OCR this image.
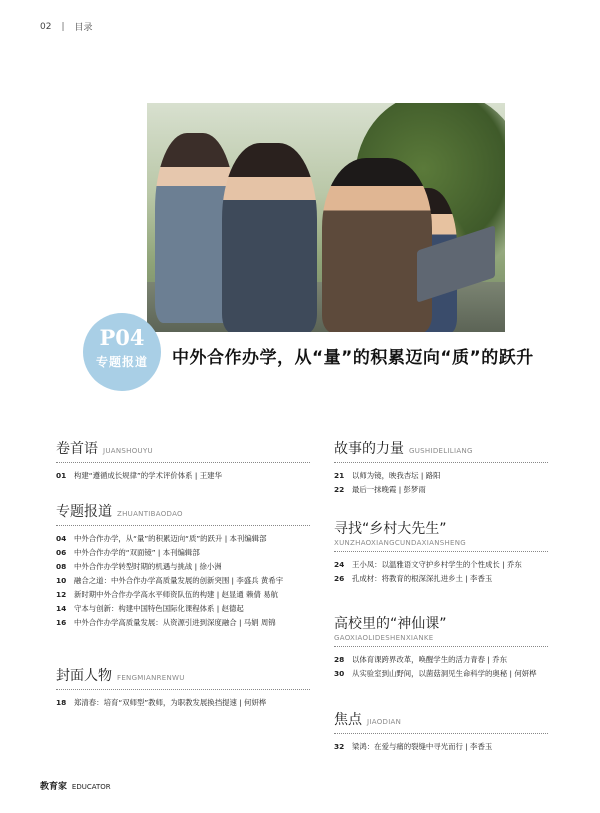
02 | 目录
P04
专题报道	中外合作办学，从“量”的积累迈向“质”的跃升
卷首语 JUANSHOUYU
01	构建“遵循成长规律”的学术评价体系 | 王建华
专题报道 ZHUANTIBAODAO
04	中外合作办学，从“量”的积累迈向“质”的跃升 | 本刊编辑部
06	中外合作办学的“双面镜” | 本刊编辑部
08	中外合作办学转型时期的机遇与挑战 | 徐小洲
10	融合之道：中外合作办学高质量发展的创新突围 | 李盛兵 黄希宇
12	新时期中外合作办学高水平师资队伍的构建 | 赵显通 赖倩 易航
14	守本与创新：构建中国特色国际化课程体系 | 赵德起
16	中外合作办学高质量发展：从资源引进到深度融合 | 马娟 周锦
封面人物 FENGMIANRENWU
18	郑清春：培育“双师型”教师，为职教发展换挡提速 | 何妍桦
故事的力量 GUSHIDELILIANG
21	以师为镜，映我杏坛 | 路阳
22	最后一抹晚霞 | 彭梦雨
寻找“乡村大先生”
XUNZHAOXIANGCUNDAXIANSHENG
24	王小凤：以温雅语文守护乡村学生的个性成长 | 乔东
26	孔成材：将教育的根深深扎进乡土 | 李香玉
高校里的“神仙课”
GAOXIAOLIDESHENXIANKE
28	以体育课跨界改革，唤醒学生的活力青春 | 乔东
30	从实验室到山野间，以菌菇洞见生命科学的奥秘 | 何妍桦
焦点 JIAODIAN
32	梁鸿：在爱与痛的裂缝中寻光而行 | 李香玉
教育家 EDUCATOR
